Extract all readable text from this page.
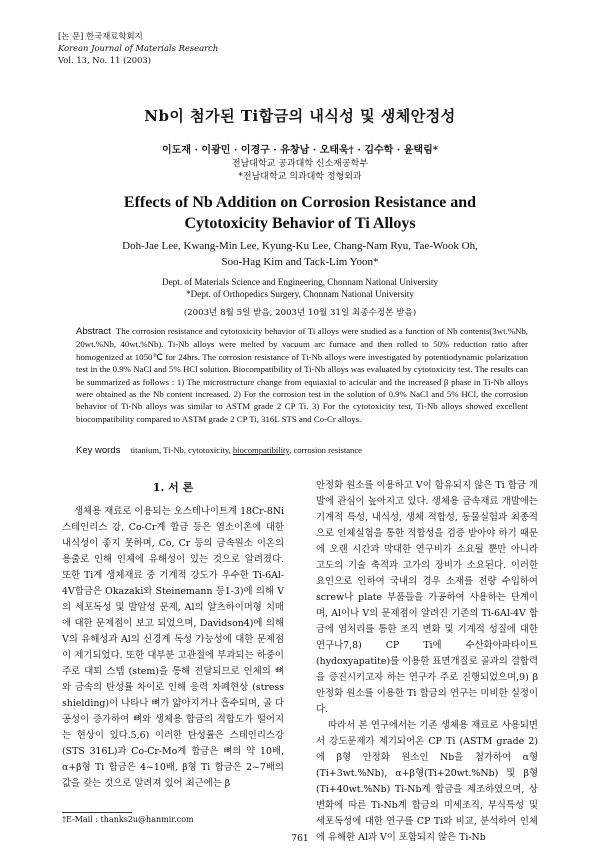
[논 문] 한국재료학회지
Korean Journal of Materials Research
Vol. 13, No. 11 (2003)
Nb이 첨가된 Ti합금의 내식성 및 생체안정성
이도재 · 이광민 · 이경구 · 유창남 · 오태욱† · 김수학 · 윤택림*
전남대학교 공과대학 신소재공학부
*전남대학교 의과대학 정형외과
Effects of Nb Addition on Corrosion Resistance and
Cytotoxicity Behavior of Ti Alloys
Doh-Jae Lee, Kwang-Min Lee, Kyung-Ku Lee, Chang-Nam Ryu, Tae-Wook Oh,
Soo-Hag Kim and Tack-Lim Yoon*
Dept. of Materials Science and Engineering, Chonnam National University
*Dept. of Orthopedics Surgery, Chonnam National University
(2003년 8월 5일 받음, 2003년 10월 31일 최종수정본 받음)
Abstract The corrosion resistance and cytotoxicity behavior of Ti alloys were studied as a function of Nb contents(3wt.%Nb, 20wt.%Nb, 40wt.%Nb). Ti-Nb alloys were melted by vacuum arc furnace and then rolled to 50% reduction ratio after homogenized at 1050℃ for 24hrs. The corrosion resistance of Ti-Nb alloys were investigated by potentiodynamic polarization test in the 0.9% NaCl and 5% HCl solution. Biocompatibility of Ti-Nb alloys was evaluated by cytotoxicity test. The results can be summarized as follows : 1) The microstructure change from equiaxial to acicular and the increased β phase in Ti-Nb alloys were obtained as the Nb content increased. 2) For the corrosion test in the solution of 0.9% NaCl and 5% HCl, the corrosion behavior of Ti-Nb alloys was similar to ASTM grade 2 CP Ti. 3) For the cytotoxicity test, Ti-Nb alloys showed excellent biocompatibility compared to ASTM grade 2 CP Ti, 316L STS and Co-Cr alloys.
Key words titanium, Ti-Nb, cytotoxicity, biocompatibility, corrosion resistance
1. 서 론

생체용 재료로 이용되는 오스테나이트계 18Cr-8Ni 스테인리스 강, Co-Cr계 합금 등은 염소이온에 대한 내식성이 좋지 못하며, Co, Cr 등의 금속원소 이온의 용출로 인해 인체에 유해성이 있는 것으로 알려졌다. 또한 Ti계 생체재료 중 기계적 강도가 우수한 Ti-6Al-4V합금은 Okazaki와 Steinemann 등1-3)에 의해 V의 세포독성 및 발암성 문제, Al의 알츠하이머형 치매에 대한 문제점이 보고 되었으며, Davidson4)에 의해 V의 유해성과 Al의 신경계 독성 가능성에 대한 문제점이 제기되었다. 또한 대부분 고관절에 부과되는 하중이 주로 대퇴 스템 (stem)을 통해 전달되므로 인체의 뼈와 금속의 탄성률 차이로 인해 응력 차폐현상 (stress shielding)이 나타나 뼈가 얇아지거나 흡수되며, 골 다공성이 증가하여 뼈와 생체용 합금의 적합도가 떨어지는 현상이 있다.5,6) 이러한 탄성률은 스테인리스강 (STS 316L)과 Co-Cr-Mo계 합금은 뼈의 약 10배, α+β형 Ti 합금은 4~10배, β형 Ti 합금은 2~7배의 값을 갖는 것으로 알려져 있어 최근에는 β

안정화 원소를 이용하고 V이 함유되지 않은 Ti 합금 개발에 관심이 높아지고 있다. 생체용 금속재료 개발에는 기계적 특성, 내식성, 생체 적합성, 동물실험과 최종적으로 인체실험을 통한 적합성을 검증 받아야 하기 때문에 오랜 시간과 막대한 연구비가 소요될 뿐만 아니라 고도의 기술 축적과 고가의 장비가 소요된다. 이러한 요인으로 인하여 국내의 경우 소재를 전량 수입하여 screw나 plate 부품들을 가공하여 사용하는 단계이며, Al이나 V의 문제점이 알려진 기존의 Ti-6Al-4V 합금에 염처리를 통한 조직 변화 및 기계적 성질에 대한 연구나7,8) CP Ti에 수산화아파타이트(hydoxyapatite)를 이용한 표면개질로 골과의 결합력을 증진시키고자 하는 연구가 주로 진행되었으며,9) β 안정화 원소를 이용한 Ti 합금의 연구는 미비한 실정이다.

따라서 본 연구에서는 기존 생체용 재료로 사용되면서 강도문제가 제기되어온 CP Ti (ASTM grade 2)에 β형 안정화 원소인 Nb을 첨가하여 α형 (Ti+3wt.%Nb), α+β형(Ti+20wt.%Nb) 및 β형 (Ti+40wt.%Nb) Ti-Nb계 합금을 제조하였으며, 상변화에 따른 Ti-Nb계 합금의 미세조직, 부식특성 및 세포독성에 대한 연구를 CP Ti와 비교, 분석하여 인체에 유해한 Al과 V이 포함되지 않은 Ti-Nb

†E-Mail : thanks2u@hanmir.com
761
